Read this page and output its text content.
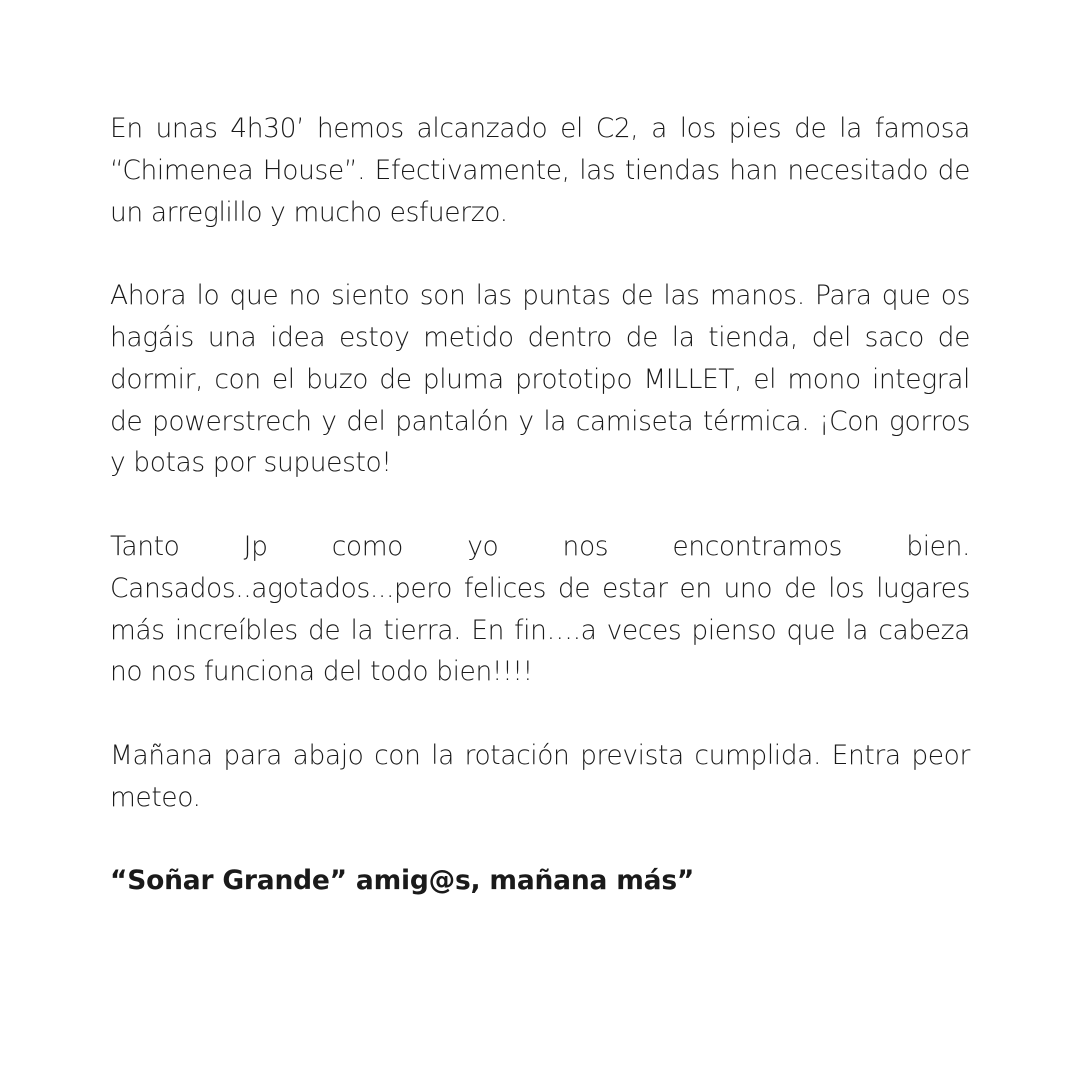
En unas 4h30’ hemos alcanzado el C2, a los pies de la famosa “Chimenea House”. Efectivamente, las tiendas han necesitado de un arreglillo y mucho esfuerzo.

Ahora lo que no siento son las puntas de las manos. Para que os hagáis una idea estoy metido dentro de la tienda, del saco de dormir, con el buzo de pluma prototipo MILLET, el mono integral de powerstrech y del pantalón y la camiseta térmica. ¡Con gorros y botas por supuesto!

Tanto Jp como yo nos encontramos bien. Cansados..agotados...pero felices de estar en uno de los lugares más increíbles de la tierra. En fin….a veces pienso que la cabeza no nos funciona del todo bien!!!!

Mañana para abajo con la rotación prevista cumplida. Entra peor meteo.

“Soñar Grande” amig@s, mañana más”
